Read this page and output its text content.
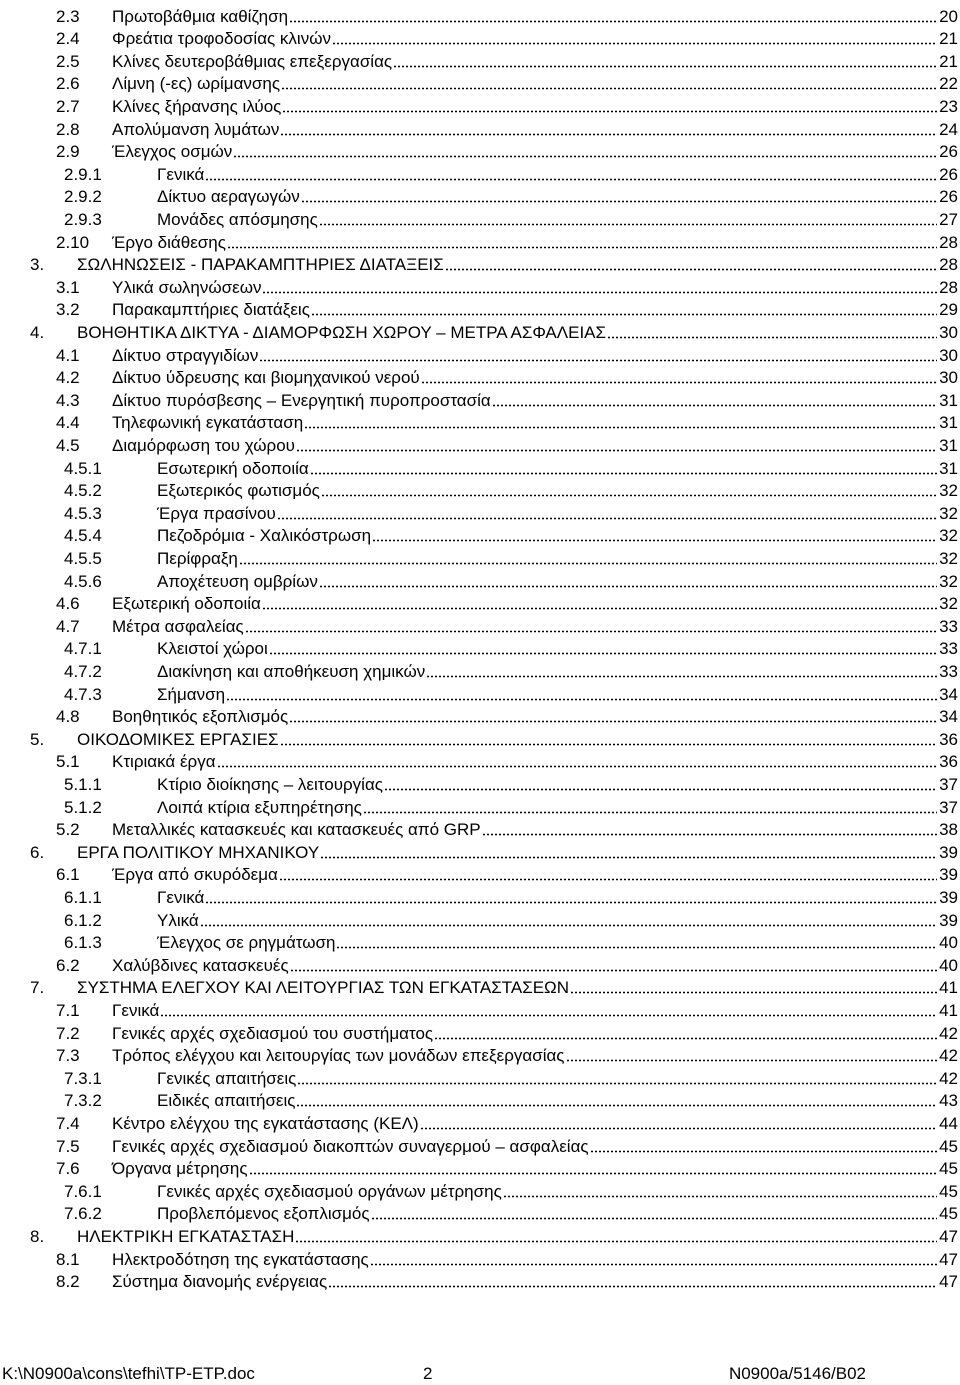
2.3 Πρωτοβάθμια καθίζηση	20
2.4 Φρεάτια τροφοδοσίας κλινών	21
2.5 Κλίνες δευτεροβάθμιας επεξεργασίας	21
2.6 Λίμνη (-ες) ωρίμανσης	22
2.7 Κλίνες ξήρανσης ιλύος	23
2.8 Απολύμανση λυμάτων	24
2.9 Έλεγχος οσμών	26
2.9.1	Γενικά	26
2.9.2	Δίκτυο αεραγωγών	26
2.9.3	Μονάδες απόσμησης	27
2.10 Έργο διάθεσης	28
3. ΣΩΛΗΝΩΣΕΙΣ - ΠΑΡΑΚΑΜΠΤΗΡΙΕΣ ΔΙΑΤΑΞΕΙΣ	28
3.1 Υλικά σωληνώσεων	28
3.2 Παρακαμπτήριες διατάξεις	29
4. ΒΟΗΘΗΤΙΚΑ ΔΙΚΤΥΑ - ΔΙΑΜΟΡΦΩΣΗ ΧΩΡΟΥ – ΜΕΤΡΑ ΑΣΦΑΛΕΙΑΣ	30
4.1 Δίκτυο στραγγιδίων	30
4.2 Δίκτυο ύδρευσης και βιομηχανικού νερού	30
4.3 Δίκτυο πυρόσβεσης – Ενεργητική πυροπροστασία	31
4.4 Τηλεφωνική εγκατάσταση	31
4.5 Διαμόρφωση του χώρου	31
4.5.1	Εσωτερική οδοποιία	31
4.5.2	Εξωτερικός φωτισμός	32
4.5.3	Έργα πρασίνου	32
4.5.4	Πεζοδρόμια - Χαλικόστρωση	32
4.5.5	Περίφραξη	32
4.5.6	Αποχέτευση ομβρίων	32
4.6 Εξωτερική οδοποιία	32
4.7 Μέτρα ασφαλείας	33
4.7.1	Κλειστοί χώροι	33
4.7.2	Διακίνηση και αποθήκευση χημικών	33
4.7.3	Σήμανση	34
4.8 Βοηθητικός εξοπλισμός	34
5. ΟΙΚΟΔΟΜΙΚΕΣ ΕΡΓΑΣΙΕΣ	36
5.1 Κτιριακά έργα	36
5.1.1	Κτίριο διοίκησης – λειτουργίας	37
5.1.2	Λοιπά κτίρια εξυπηρέτησης	37
5.2 Μεταλλικές κατασκευές και κατασκευές από GRP	38
6. ΕΡΓΑ ΠΟΛΙΤΙΚΟΥ ΜΗΧΑΝΙΚΟΥ	39
6.1 Έργα από σκυρόδεμα	39
6.1.1	Γενικά	39
6.1.2	Υλικά	39
6.1.3	Έλεγχος σε ρηγμάτωση	40
6.2 Χαλύβδινες κατασκευές	40
7. ΣΥΣΤΗΜΑ ΕΛΕΓΧΟΥ ΚΑΙ ΛΕΙΤΟΥΡΓΙΑΣ ΤΩΝ ΕΓΚΑΤΑΣΤΑΣΕΩΝ	41
7.1 Γενικά	41
7.2 Γενικές αρχές σχεδιασμού του συστήματος	42
7.3 Τρόπος ελέγχου και λειτουργίας των μονάδων επεξεργασίας	42
7.3.1	Γενικές απαιτήσεις	42
7.3.2	Ειδικές απαιτήσεις	43
7.4 Κέντρο ελέγχου της εγκατάστασης (ΚΕΛ)	44
7.5 Γενικές αρχές σχεδιασμού διακοπτών συναγερμού – ασφαλείας	45
7.6 Όργανα μέτρησης	45
7.6.1	Γενικές αρχές σχεδιασμού οργάνων μέτρησης	45
7.6.2	Προβλεπόμενος εξοπλισμός	45
8. ΗΛΕΚΤΡΙΚΗ ΕΓΚΑΤΑΣΤΑΣΗ	47
8.1 Ηλεκτροδότηση της εγκατάστασης	47
8.2 Σύστημα διανομής ενέργειας	47
K:\N0900a\cons\tefhi\TP-ETP.doc	2	N0900a/5146/B02
